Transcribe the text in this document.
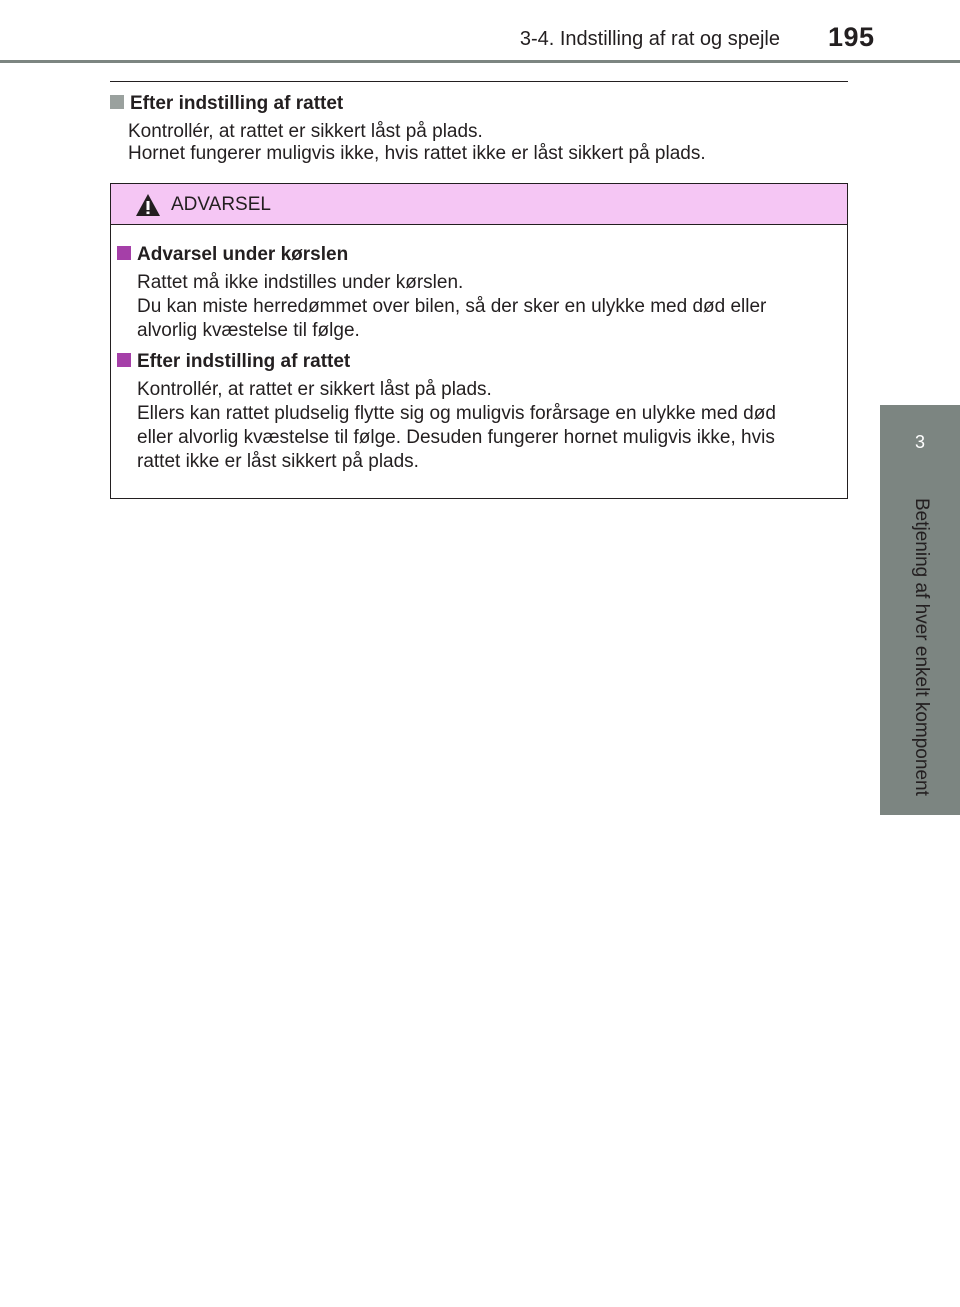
3-4. Indstilling af rat og spejle 195
3
Betjening af hver enkelt komponent
Efter indstilling af rattet

Kontrollér, at rattet er sikkert låst på plads.
Hornet fungerer muligvis ikke, hvis rattet ikke er låst sikkert på plads.

ADVARSEL
Advarsel under kørslen

Rattet må ikke indstilles under kørslen.
Du kan miste herredømmet over bilen, så der sker en ulykke med død eller
alvorlig kvæstelse til følge.

Efter indstilling af rattet

Kontrollér, at rattet er sikkert låst på plads.
Ellers kan rattet pludselig flytte sig og muligvis forårsage en ulykke med død
eller alvorlig kvæstelse til følge. Desuden fungerer hornet muligvis ikke, hvis
rattet ikke er låst sikkert på plads.
